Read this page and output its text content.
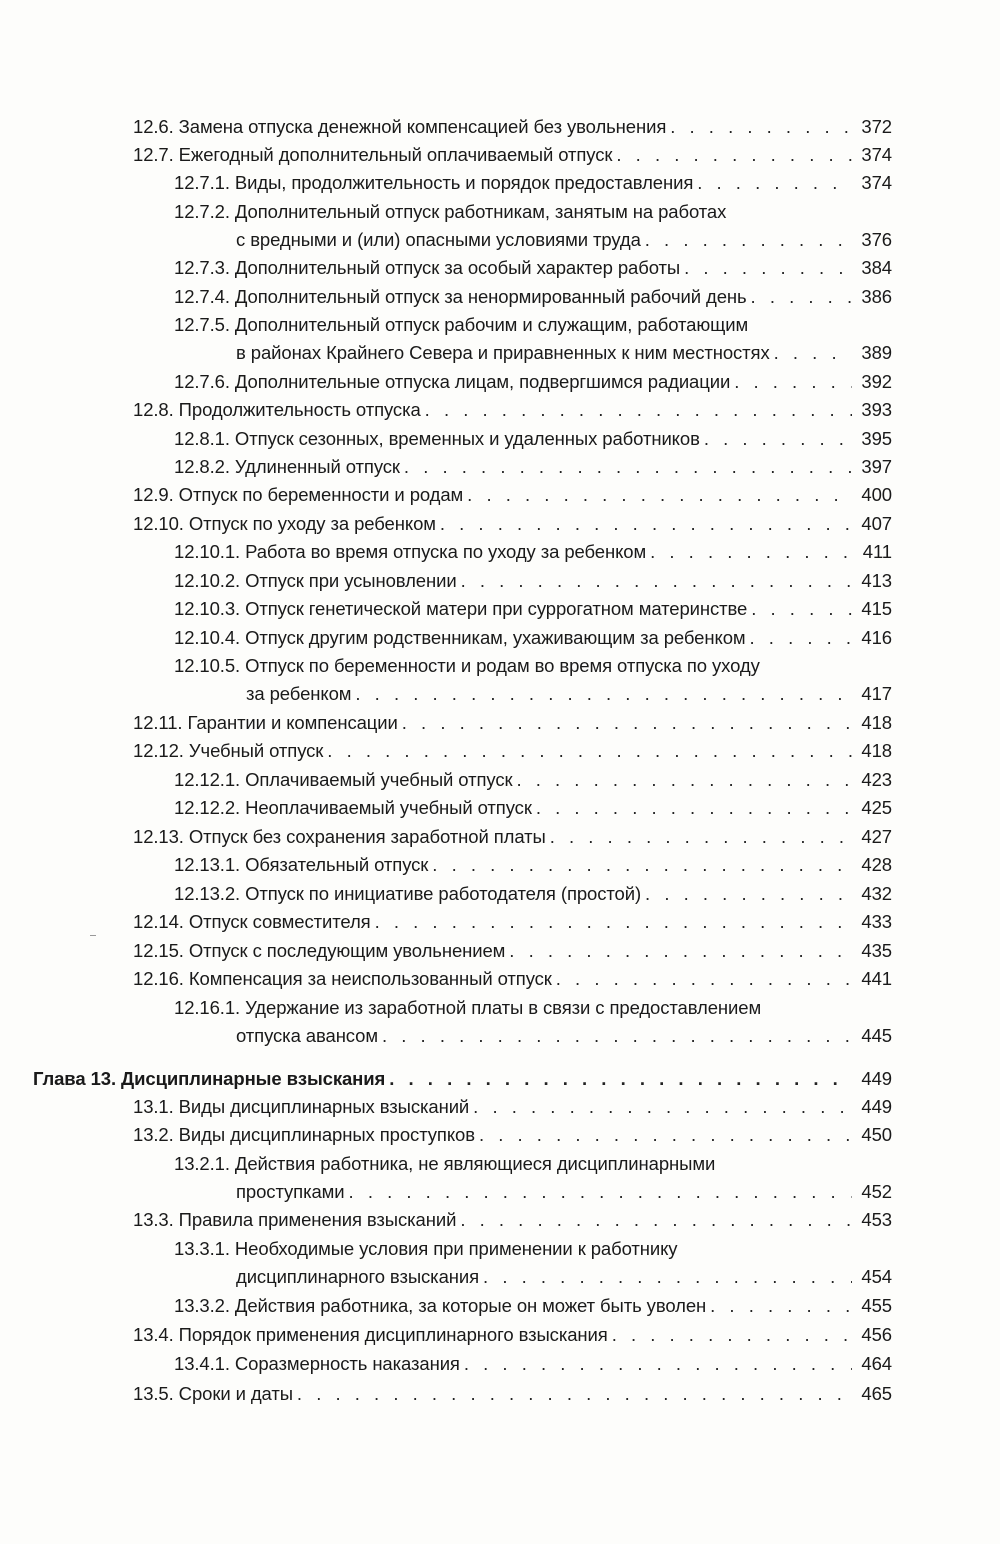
12.6. Замена отпуска денежной компенсацией без увольнения . . .	372
12.7. Ежегодный дополнительный оплачиваемый отпуск . . .	374
12.7.1. Виды, продолжительность и порядок предоставления . . .	374
12.7.2. Дополнительный отпуск работникам, занятым на работах
с вредными и (или) опасными условиями труда . . .	376
12.7.3. Дополнительный отпуск за особый характер работы . . .	384
12.7.4. Дополнительный отпуск за ненормированный рабочий день . . .	386
12.7.5. Дополнительный отпуск рабочим и служащим, работающим
в районах Крайнего Севера и приравненных к ним местностях . . .	389
12.7.6. Дополнительные отпуска лицам, подвергшимся радиации . . .	392
12.8. Продолжительность отпуска . . .	393
12.8.1. Отпуск сезонных, временных и удаленных работников . . .	395
12.8.2. Удлиненный отпуск . . .	397
12.9. Отпуск по беременности и родам . . .	400
12.10. Отпуск по уходу за ребенком . . .	407
12.10.1. Работа во время отпуска по уходу за ребенком . . .	411
12.10.2. Отпуск при усыновлении . . .	413
12.10.3. Отпуск генетической матери при суррогатном материнстве . . .	415
12.10.4. Отпуск другим родственникам, ухаживающим за ребенком . . .	416
12.10.5. Отпуск по беременности и родам во время отпуска по уходу
за ребенком . . .	417
12.11. Гарантии и компенсации . . .	418
12.12. Учебный отпуск . . .	418
12.12.1. Оплачиваемый учебный отпуск . . .	423
12.12.2. Неоплачиваемый учебный отпуск . . .	425
12.13. Отпуск без сохранения заработной платы . . .	427
12.13.1. Обязательный отпуск . . .	428
12.13.2. Отпуск по инициативе работодателя (простой) . . .	432
12.14. Отпуск совместителя . . .	433
12.15. Отпуск с последующим увольнением . . .	435
12.16. Компенсация за неиспользованный отпуск . . .	441
12.16.1. Удержание из заработной платы в связи с предоставлением
отпуска авансом . . .	445
Глава 13. Дисциплинарные взыскания . . .	449
13.1. Виды дисциплинарных взысканий . . .	449
13.2. Виды дисциплинарных проступков . . .	450
13.2.1. Действия работника, не являющиеся дисциплинарными
проступками . . .	452
13.3. Правила применения взысканий . . .	453
13.3.1. Необходимые условия при применении к работнику
дисциплинарного взыскания . . .	454
13.3.2. Действия работника, за которые он может быть уволен . . .	455
13.4. Порядок применения дисциплинарного взыскания . . .	456
13.4.1. Соразмерность наказания . . .	464
13.5. Сроки и даты . . .	465
